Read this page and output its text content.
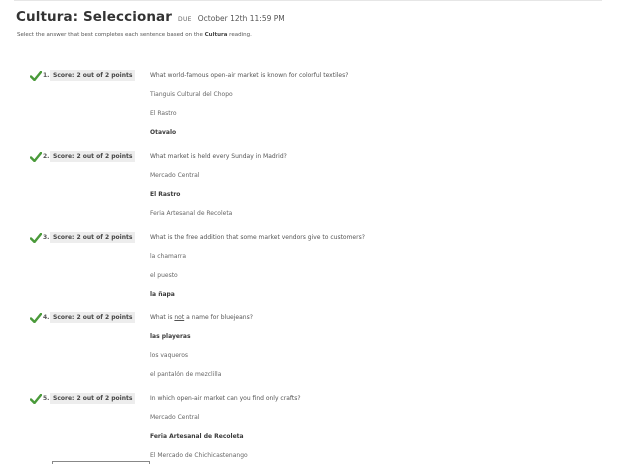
Cultura: Seleccionar DUE October 12th 11:59 PM
Select the answer that best completes each sentence based on the Cultura reading.
1. Score: 2 out of 2 points	What world-famous open-air market is known for colorful textiles?
Tianguis Cultural del Chopo
El Rastro
Otavalo
2. Score: 2 out of 2 points	What market is held every Sunday in Madrid?
Mercado Central
El Rastro
Feria Artesanal de Recoleta
3. Score: 2 out of 2 points	What is the free addition that some market vendors give to customers?
la chamarra
el puesto
la ñapa
4. Score: 2 out of 2 points	What is not a name for bluejeans?
las playeras
los vaqueros
el pantalón de mezclilla
5. Score: 2 out of 2 points	In which open-air market can you find only crafts?
Mercado Central
Feria Artesanal de Recoleta
El Mercado de Chichicastenango
